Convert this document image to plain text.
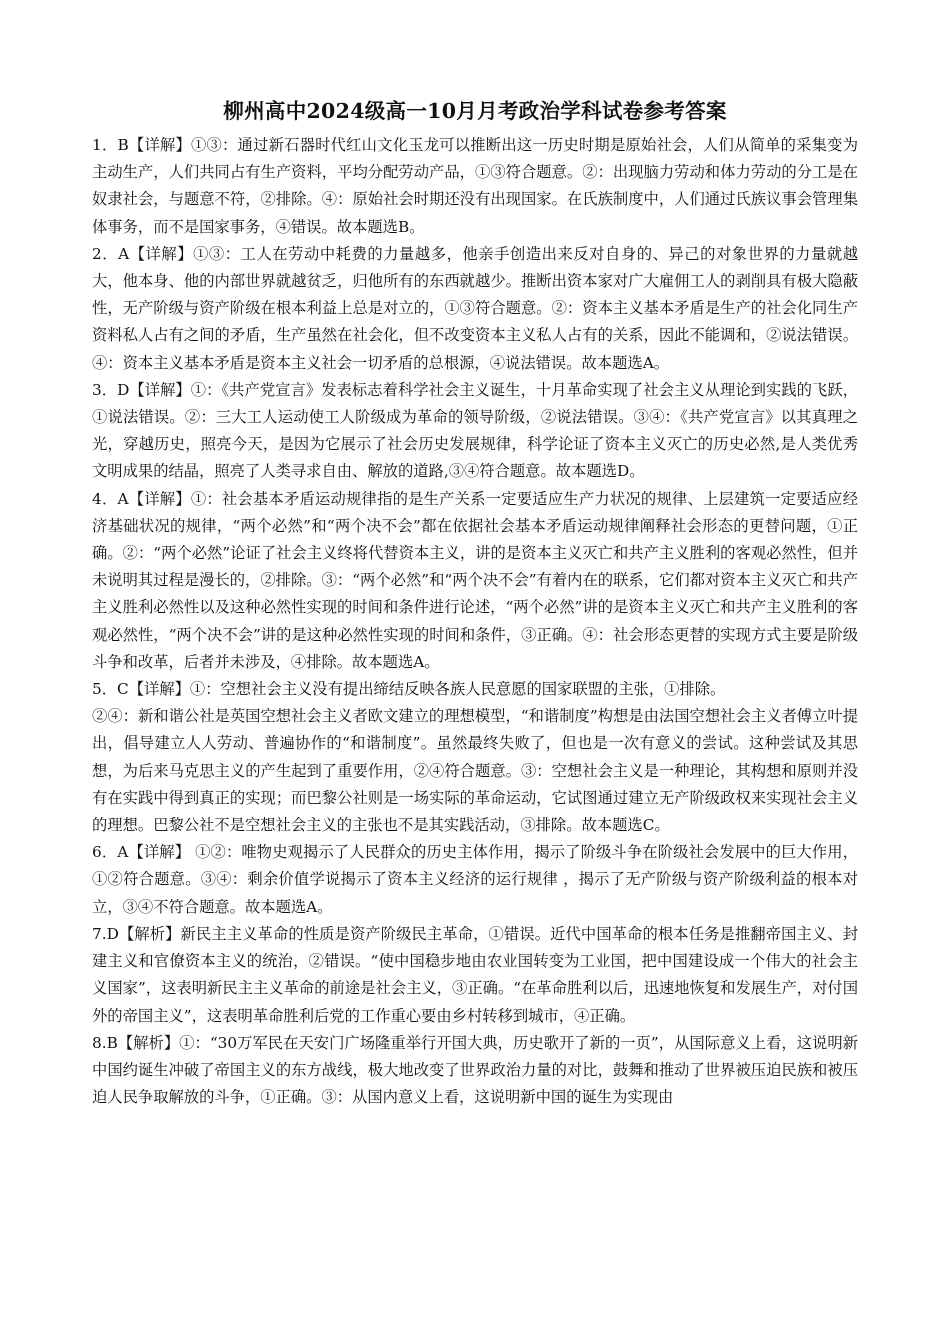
柳州高中2024级高一10月月考政治学科试卷参考答案

1．B【详解】①③：通过新石器时代红山文化玉龙可以推断出这一历史时期是原始社会，人们从简单的采集变为主动生产，人们共同占有生产资料，平均分配劳动产品，①③符合题意。②：出现脑力劳动和体力劳动的分工是在奴隶社会，与题意不符，②排除。④：原始社会时期还没有出现国家。在氏族制度中，人们通过氏族议事会管理集体事务，而不是国家事务，④错误。故本题选B。

2．A【详解】①③：工人在劳动中耗费的力量越多，他亲手创造出来反对自身的、异己的对象世界的力量就越大，他本身、他的内部世界就越贫乏，归他所有的东西就越少。推断出资本家对广大雇佣工人的剥削具有极大隐蔽性，无产阶级与资产阶级在根本利益上总是对立的，①③符合题意。②：资本主义基本矛盾是生产的社会化同生产资料私人占有之间的矛盾，生产虽然在社会化，但不改变资本主义私人占有的关系，因此不能调和，②说法错误。④：资本主义基本矛盾是资本主义社会一切矛盾的总根源，④说法错误。故本题选A。

3．D【详解】①：《共产党宣言》发表标志着科学社会主义诞生，十月革命实现了社会主义从理论到实践的飞跃，①说法错误。②：三大工人运动使工人阶级成为革命的领导阶级，②说法错误。③④：《共产党宣言》以其真理之光，穿越历史，照亮今天，是因为它展示了社会历史发展规律，科学论证了资本主义灭亡的历史必然,是人类优秀文明成果的结晶，照亮了人类寻求自由、解放的道路,③④符合题意。故本题选D。

4．A【详解】①：社会基本矛盾运动规律指的是生产关系一定要适应生产力状况的规律、上层建筑一定要适应经济基础状况的规律，“两个必然”和“两个决不会”都在依据社会基本矛盾运动规律阐释社会形态的更替问题，①正确。②：“两个必然”论证了社会主义终将代替资本主义，讲的是资本主义灭亡和共产主义胜利的客观必然性，但并未说明其过程是漫长的，②排除。③：“两个必然”和“两个决不会”有着内在的联系，它们都对资本主义灭亡和共产主义胜利必然性以及这种必然性实现的时间和条件进行论述，“两个必然”讲的是资本主义灭亡和共产主义胜利的客观必然性，“两个决不会”讲的是这种必然性实现的时间和条件，③正确。④：社会形态更替的实现方式主要是阶级斗争和改革，后者并未涉及，④排除。故本题选A。

5．C【详解】①：空想社会主义没有提出缔结反映各族人民意愿的国家联盟的主张，①排除。

②④：新和谐公社是英国空想社会主义者欧文建立的理想模型，“和谐制度”构想是由法国空想社会主义者傅立叶提出，倡导建立人人劳动、普遍协作的“和谐制度”。虽然最终失败了，但也是一次有意义的尝试。这种尝试及其思想，为后来马克思主义的产生起到了重要作用，②④符合题意。③：空想社会主义是一种理论，其构想和原则并没有在实践中得到真正的实现；而巴黎公社则是一场实际的革命运动，它试图通过建立无产阶级政权来实现社会主义的理想。巴黎公社不是空想社会主义的主张也不是其实践活动，③排除。故本题选C。

6．A【详解】 ①②：唯物史观揭示了人民群众的历史主体作用，揭示了阶级斗争在阶级社会发展中的巨大作用，①②符合题意。③④：剩余价值学说揭示了资本主义经济的运行规律 ，揭示了无产阶级与资产阶级利益的根本对立，③④不符合题意。故本题选A。

7.D【解析】新民主主义革命的性质是资产阶级民主革命，①错误。近代中国革命的根本任务是推翻帝国主义、封建主义和官僚资本主义的统治，②错误。“使中国稳步地由农业国转变为工业国，把中国建设成一个伟大的社会主义国家”，这表明新民主主义革命的前途是社会主义，③正确。“在革命胜利以后，迅速地恢复和发展生产，对付国外的帝国主义”，这表明革命胜利后党的工作重心要由乡村转移到城市，④正确。

8.B【解析】①：“30万军民在天安门广场隆重举行开国大典，历史歌开了新的一页”，从国际意义上看，这说明新中国约诞生冲破了帝国主义的东方战线，极大地改变了世界政治力量的对比，鼓舞和推动了世界被压迫民族和被压迫人民争取解放的斗争，①正确。③：从国内意义上看，这说明新中国的诞生为实现由
